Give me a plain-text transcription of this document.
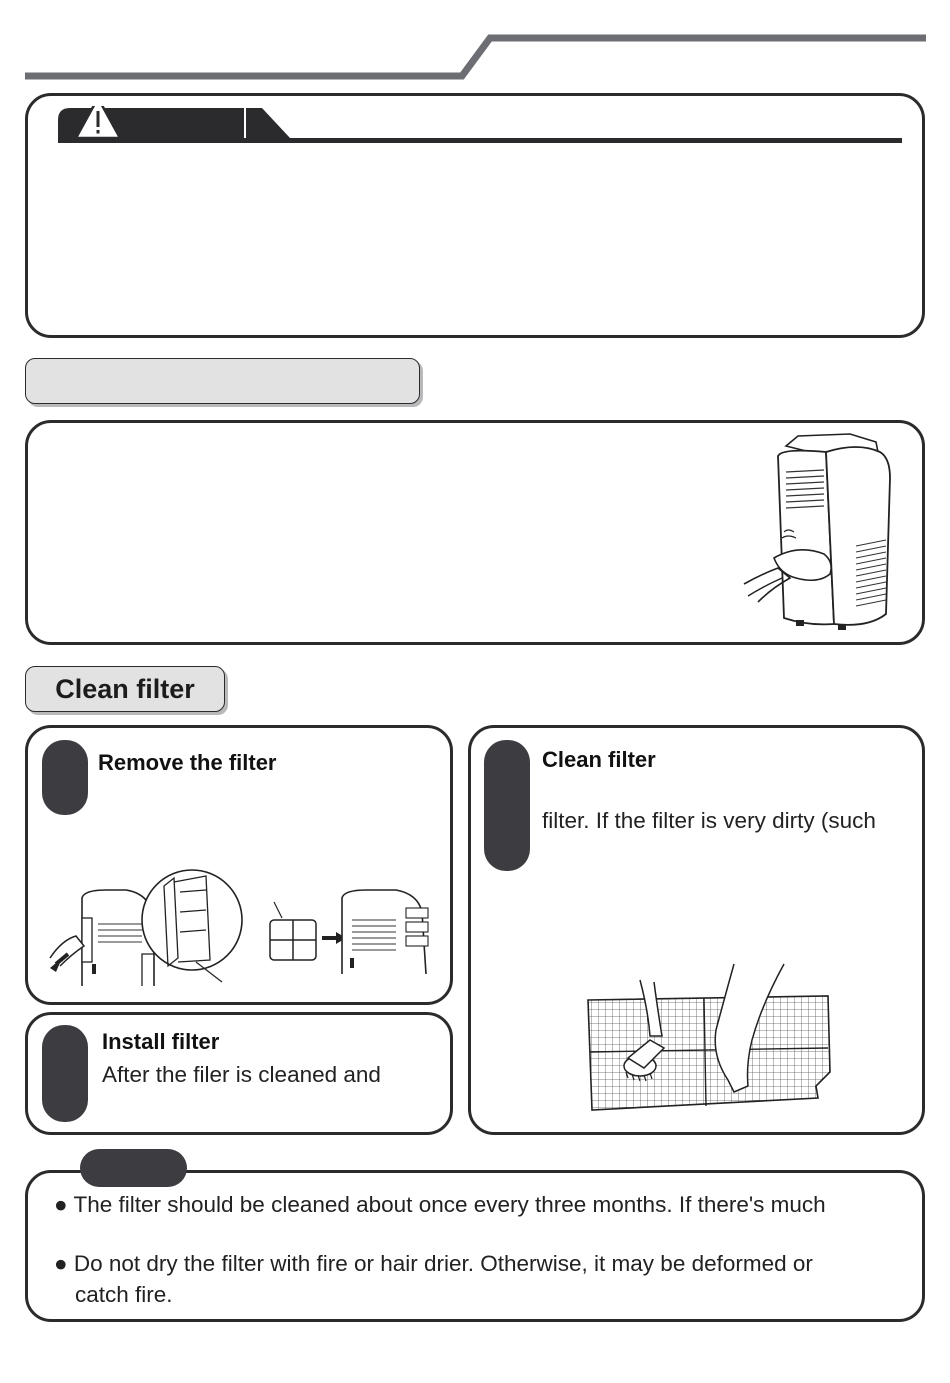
Clean filter
Remove the filter
Install filter
After the filer is cleaned and
Clean filter
filter. If the filter is very dirty (such
● The filter should be cleaned about once every three months. If there's much
● Do not dry the filter with fire or hair drier. Otherwise, it may be deformed or
catch fire.
